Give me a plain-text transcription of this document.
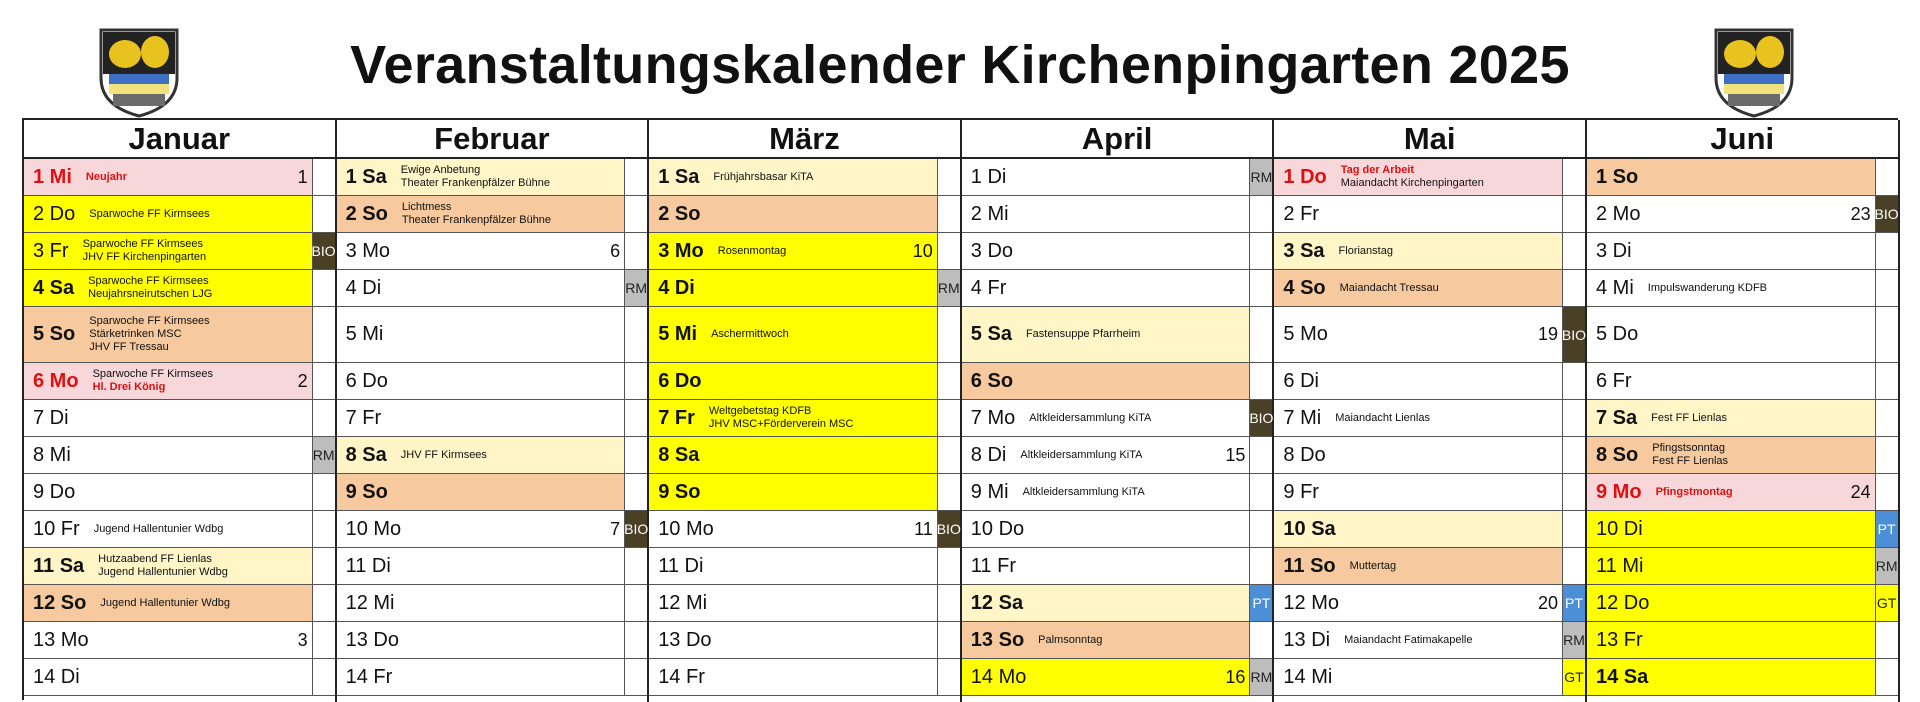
Veranstaltungskalender Kirchenpingarten 2025
Januar
1 Mi Neujahr	1
2 Do Sparwoche FF Kirmsees
3 Fr Sparwoche FF Kirmsees
JHV FF Kirchenpingarten	BIO
4 Sa Sparwoche FF Kirmsees
Neujahrsneirutschen LJG
5 So
Sparwoche FF Kirmsees
Stärketrinken MSC
JHV FF Tressau
6 Mo Sparwoche FF Kirmsees
Hl. Drei König	2
7 Di
8 Mi	RM
9 Do
10 Fr Jugend Hallentunier Wdbg
11 Sa Hutzaabend FF Lienlas
Jugend Hallentunier Wdbg
12 So Jugend Hallentunier Wdbg
13 Mo	3
14 Di
Februar
1 Sa Ewige Anbetung
Theater Frankenpfälzer Bühne
2 So Lichtmess
Theater Frankenpfälzer Bühne
3 Mo	6
4 Di	RM
5 Mi
6 Do
7 Fr
8 Sa JHV FF Kirmsees
9 So
10 Mo	7 BIO
11 Di
12 Mi
13 Do
14 Fr
März
1 Sa Frühjahrsbasar KiTA
2 So
3 Mo Rosenmontag	10
4 Di	RM
5 Mi Aschermittwoch
6 Do
7 Fr Weltgebetstag KDFB
JHV MSC+Förderverein MSC
8 Sa
9 So
10 Mo	11 BIO
11 Di
12 Mi
13 Do
14 Fr
April
1 Di	RM
2 Mi
3 Do
4 Fr
5 Sa Fastensuppe Pfarrheim
6 So
7 Mo Altkleidersammlung KiTA	BIO
8 Di Altkleidersammlung KiTA	15
9 Mi Altkleidersammlung KiTA
10 Do
11 Fr
12 Sa	PT
13 So Palmsonntag
14 Mo	16 RM
Mai
1 Do Tag der Arbeit
Maiandacht Kirchenpingarten
2 Fr
3 Sa Florianstag
4 So Maiandacht Tressau
5 Mo	19 BIO
6 Di
7 Mi Maiandacht Lienlas
8 Do
9 Fr
10 Sa
11 So Muttertag
12 Mo	20 PT
13 Di Maiandacht Fatimakapelle	RM
14 Mi	GT
Juni
1 So
2 Mo	23 BIO
3 Di
4 Mi Impulswanderung KDFB
5 Do
6 Fr
7 Sa Fest FF Lienlas
8 So Pfingstsonntag
Fest FF Lienlas
9 Mo Pfingstmontag	24
10 Di	PT
11 Mi	RM
12 Do	GT
13 Fr
14 Sa
